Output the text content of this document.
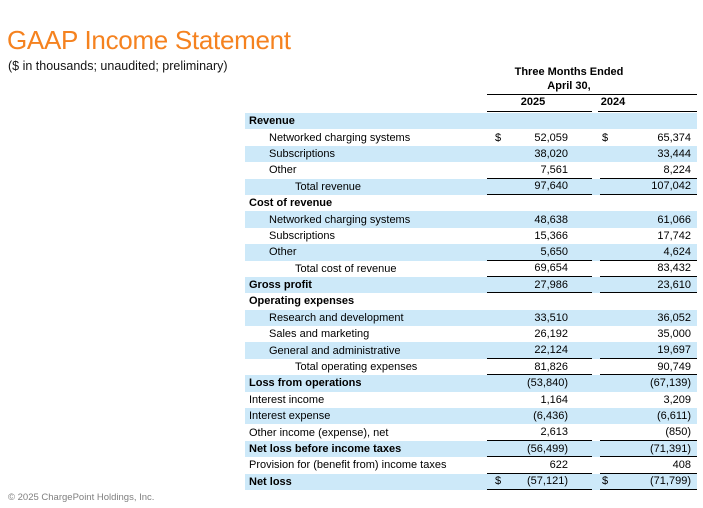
GAAP Income Statement
($ in thousands; unaudited; preliminary)	Three Months Ended
April 30,
2025	2024
Revenue
Networked charging systems	$	52,059	$	65,374
Subscriptions	38,020	33,444
Other	7,561	8,224
Total revenue	97,640	107,042
Cost of revenue
Networked charging systems	48,638	61,066
Subscriptions	15,366	17,742
Other	5,650	4,624
Total cost of revenue	69,654	83,432
Gross profit	27,986	23,610
Operating expenses
Research and development	33,510	36,052
Sales and marketing	26,192	35,000
General and administrative	22,124	19,697
Total operating expenses	81,826	90,749
Loss from operations	(53,840)	(67,139)
Interest income	1,164	3,209
Interest expense	(6,436)	(6,611)
Other income (expense), net	2,613	(850)
Net loss before income taxes	(56,499)	(71,391)
Provision for (benefit from) income taxes	622	408
Net loss	$ (57,121)	$	(71,799)
© 2025 ChargePoint Holdings, Inc.
